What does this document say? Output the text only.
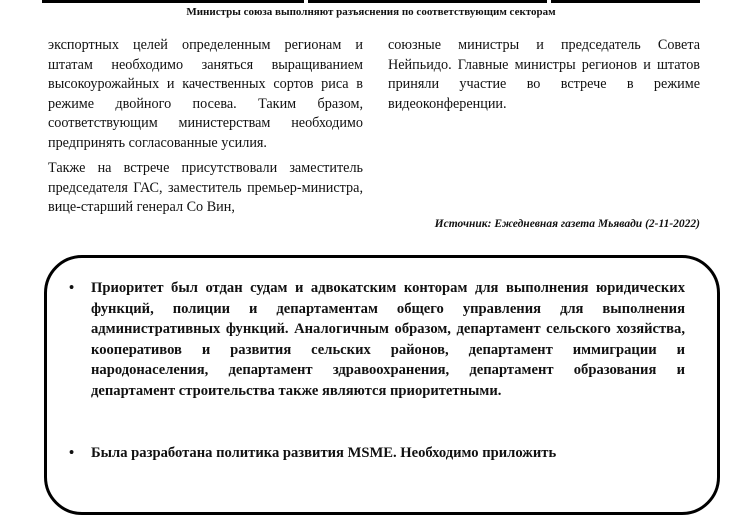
Министры союза выполняют разъяснения по соответствующим секторам

экспортных целей определенным регионам и штатам необходимо заняться выращиванием высокоурожайных и качественных сортов риса в режиме двойного посева. Таким бразом, соответствующим министерствам необходимо предпринять согласованные усилия.

Также на встрече присутствовали заместитель председателя ГАС, заместитель премьер-министра, вице-старший генерал Со Вин,

союзные министры и председатель Совета Нейпьидо. Главные министры регионов и штатов приняли участие во встрече в режиме видеоконференции.

Источник: Ежедневная газета Мьявади (2-11-2022)
• Приоритет был отдан судам и адвокатским конторам для выполнения юридических функций, полиции и департаментам общего управления для выполнения административных функций. Аналогичным образом, департамент сельского хозяйства, кооперативов и развития сельских районов, департамент иммиграции и народонаселения, департамент здравоохранения, департамент образования и департамент строительства также являются приоритетными.
• Была разработана политика развития MSME. Необходимо приложить
